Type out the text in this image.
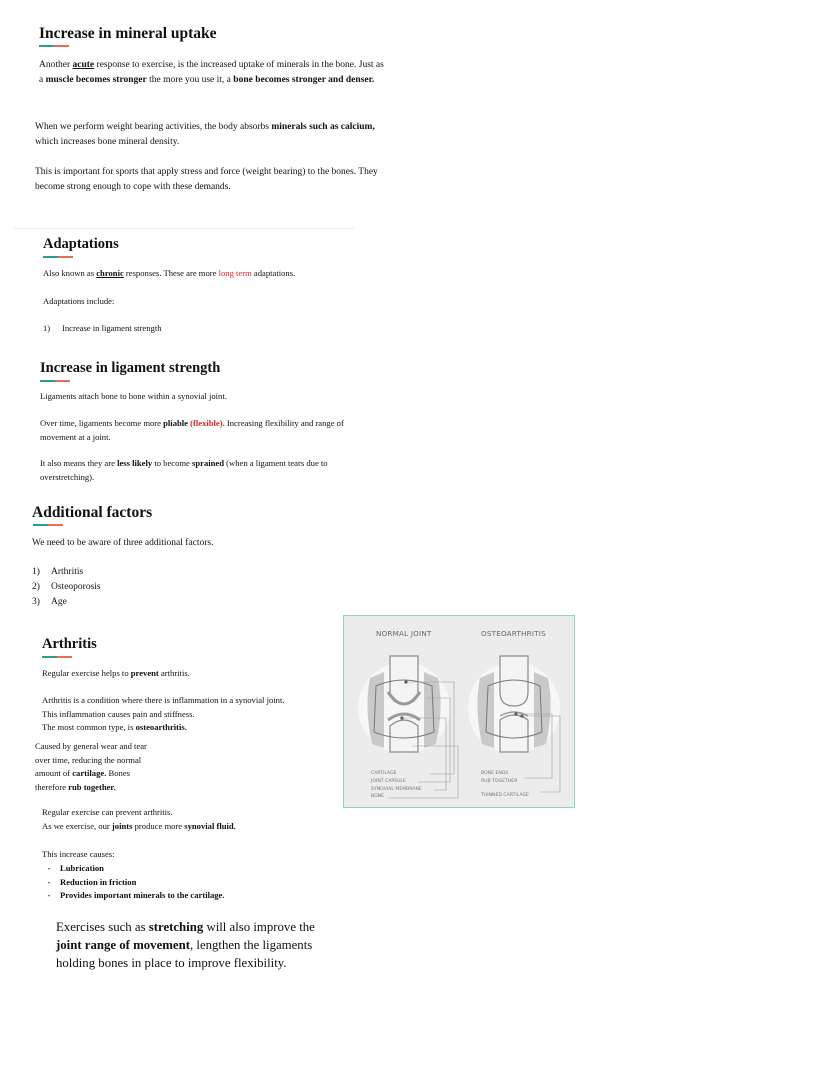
Increase in mineral uptake

Another acute response to exercise, is the increased uptake of minerals in the bone. Just as a muscle becomes stronger the more you use it, a bone becomes stronger and denser.

When we perform weight bearing activities, the body absorbs minerals such as calcium, which increases bone mineral density.

This is important for sports that apply stress and force (weight bearing) to the bones. They become strong enough to cope with these demands.

Adaptations

Also known as chronic responses. These are more long term adaptations.

Adaptations include:

1)	Increase in ligament strength
Increase in ligament strength

Ligaments attach bone to bone within a synovial joint.

Over time, ligaments become more pliable (flexible). Increasing flexibility and range of movement at a joint.

It also means they are less likely to become sprained (when a ligament tears due to overstretching).

Additional factors

We need to be aware of three additional factors.

1)	Arthritis
2)	Osteoporosis
3)	Age
Arthritis

Regular exercise helps to prevent arthritis.

Arthritis is a condition where there is inflammation in a synovial joint.
This inflammation causes pain and stiffness.
The most common type, is osteoarthritis.
Caused by general wear and tear
over time, reducing the normal
amount of cartilage. Bones
therefore rub together.
Regular exercise can prevent arthritis.
As we exercise, our joints produce more synovial fluid.

This increase causes:

-	Lubrication
-	Reduction in friction
-	Provides important minerals to the cartilage.

Exercises such as stretching will also improve the joint range of movement, lengthen the ligaments holding bones in place to improve flexibility.

NORMAL JOINT	OSTEOARTHRITIS
CARTILAGE
JOINT CAPSULE
SYNOVIAL MEMBRANE
BONE
BONE ENDS
RUB TOGETHER
THINNED CARTILAGE
